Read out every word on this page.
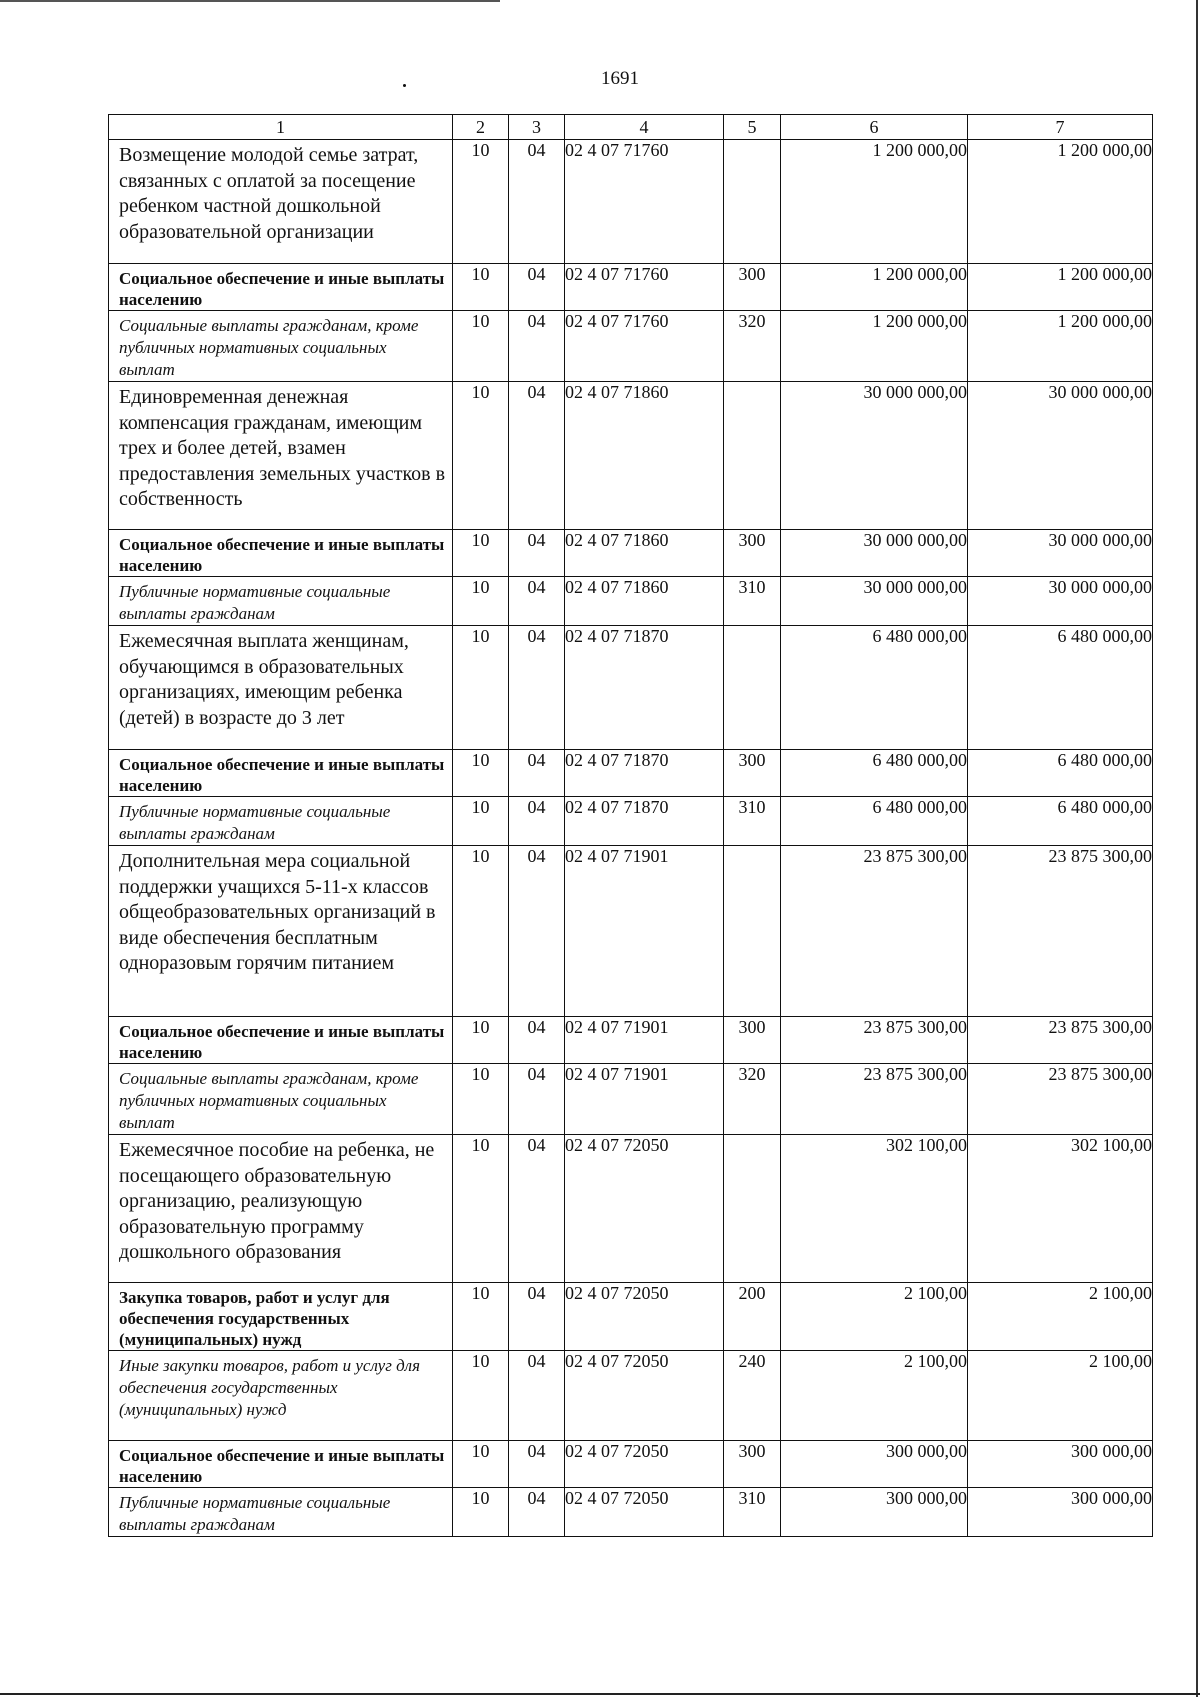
1691
1	2	3	4	5	6	7
Возмещение молодой семье затрат, связанных с оплатой за посещение ребенком частной дошкольной образовательной организации	10	04	02 4 07 71760		1 200 000,00	1 200 000,00
Социальное обеспечение и иные выплаты населению	10	04	02 4 07 71760	300	1 200 000,00	1 200 000,00
Социальные выплаты гражданам, кроме публичных нормативных социальных выплат	10	04	02 4 07 71760	320	1 200 000,00	1 200 000,00
Единовременная денежная компенсация гражданам, имеющим трех и более детей, взамен предоставления земельных участков в собственность	10	04	02 4 07 71860		30 000 000,00	30 000 000,00
Социальное обеспечение и иные выплаты населению	10	04	02 4 07 71860	300	30 000 000,00	30 000 000,00
Публичные нормативные социальные выплаты гражданам	10	04	02 4 07 71860	310	30 000 000,00	30 000 000,00
Ежемесячная выплата женщинам, обучающимся в образовательных организациях, имеющим ребенка (детей) в возрасте до 3 лет	10	04	02 4 07 71870		6 480 000,00	6 480 000,00
Социальное обеспечение и иные выплаты населению	10	04	02 4 07 71870	300	6 480 000,00	6 480 000,00
Публичные нормативные социальные выплаты гражданам	10	04	02 4 07 71870	310	6 480 000,00	6 480 000,00
Дополнительная мера социальной поддержки учащихся 5-11-х классов общеобразовательных организаций в виде обеспечения бесплатным одноразовым горячим питанием	10	04	02 4 07 71901		23 875 300,00	23 875 300,00
Социальное обеспечение и иные выплаты населению	10	04	02 4 07 71901	300	23 875 300,00	23 875 300,00
Социальные выплаты гражданам, кроме публичных нормативных социальных выплат	10	04	02 4 07 71901	320	23 875 300,00	23 875 300,00
Ежемесячное пособие на ребенка, не посещающего образовательную организацию, реализующую образовательную программу дошкольного образования	10	04	02 4 07 72050		302 100,00	302 100,00
Закупка товаров, работ и услуг для обеспечения государственных (муниципальных) нужд	10	04	02 4 07 72050	200	2 100,00	2 100,00
Иные закупки товаров, работ и услуг для обеспечения государственных (муниципальных) нужд	10	04	02 4 07 72050	240	2 100,00	2 100,00
Социальное обеспечение и иные выплаты населению	10	04	02 4 07 72050	300	300 000,00	300 000,00
Публичные нормативные социальные выплаты гражданам	10	04	02 4 07 72050	310	300 000,00	300 000,00
